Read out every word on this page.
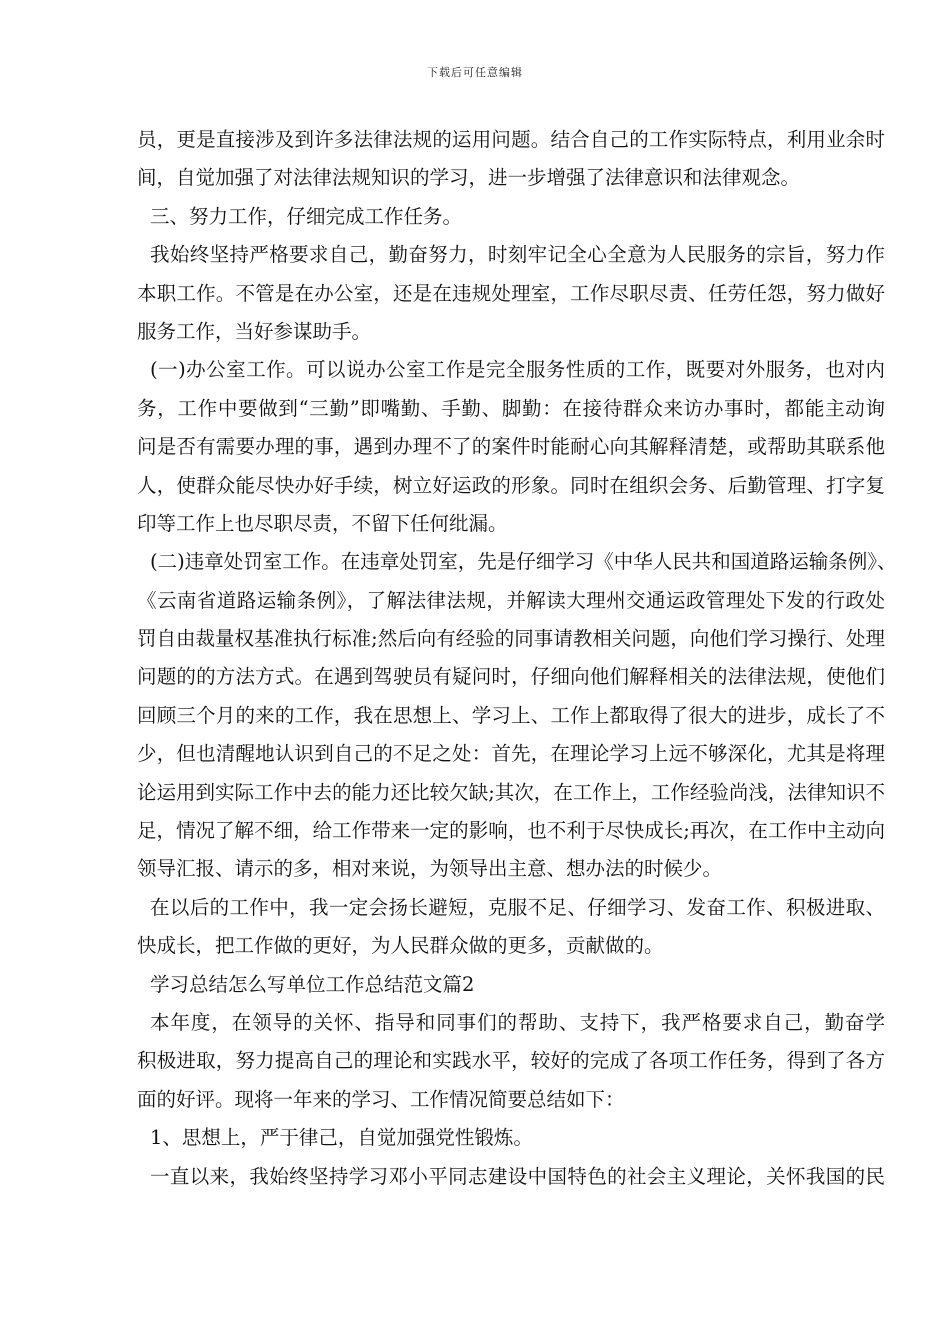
下载后可任意编辑
员，更是直接涉及到许多法律法规的运用问题。结合自己的工作实际特点，利用业余时
间，自觉加强了对法律法规知识的学习，进一步增强了法律意识和法律观念。
三、努力工作，仔细完成工作任务。
我始终坚持严格要求自己，勤奋努力，时刻牢记全心全意为人民服务的宗旨，努力作
本职工作。不管是在办公室，还是在违规处理室，工作尽职尽责、任劳任怨，努力做好
服务工作，当好参谋助手。
(一)办公室工作。可以说办公室工作是完全服务性质的工作，既要对外服务，也对内
务，工作中要做到“三勤”即嘴勤、手勤、脚勤：在接待群众来访办事时，都能主动询
问是否有需要办理的事，遇到办理不了的案件时能耐心向其解释清楚，或帮助其联系他
人，使群众能尽快办好手续，树立好运政的形象。同时在组织会务、后勤管理、打字复
印等工作上也尽职尽责，不留下任何纰漏。
(二)违章处罚室工作。在违章处罚室，先是仔细学习《中华人民共和国道路运输条例》、
《云南省道路运输条例》，了解法律法规，并解读大理州交通运政管理处下发的行政处
罚自由裁量权基准执行标准;然后向有经验的同事请教相关问题，向他们学习操行、处理
问题的的方法方式。在遇到驾驶员有疑问时，仔细向他们解释相关的法律法规，使他们
回顾三个月的来的工作，我在思想上、学习上、工作上都取得了很大的进步，成长了不
少，但也清醒地认识到自己的不足之处：首先，在理论学习上远不够深化，尤其是将理
论运用到实际工作中去的能力还比较欠缺;其次，在工作上，工作经验尚浅，法律知识不
足，情况了解不细，给工作带来一定的影响，也不利于尽快成长;再次，在工作中主动向
领导汇报、请示的多，相对来说，为领导出主意、想办法的时候少。
在以后的工作中，我一定会扬长避短，克服不足、仔细学习、发奋工作、积极进取、
快成长，把工作做的更好，为人民群众做的更多，贡献做的。
学习总结怎么写单位工作总结范文篇2
本年度，在领导的关怀、指导和同事们的帮助、支持下，我严格要求自己，勤奋学
积极进取，努力提高自己的理论和实践水平，较好的完成了各项工作任务，得到了各方
面的好评。现将一年来的学习、工作情况简要总结如下：
1、思想上，严于律己，自觉加强党性锻炼。
一直以来，我始终坚持学习邓小平同志建设中国特色的社会主义理论，关怀我国的民
